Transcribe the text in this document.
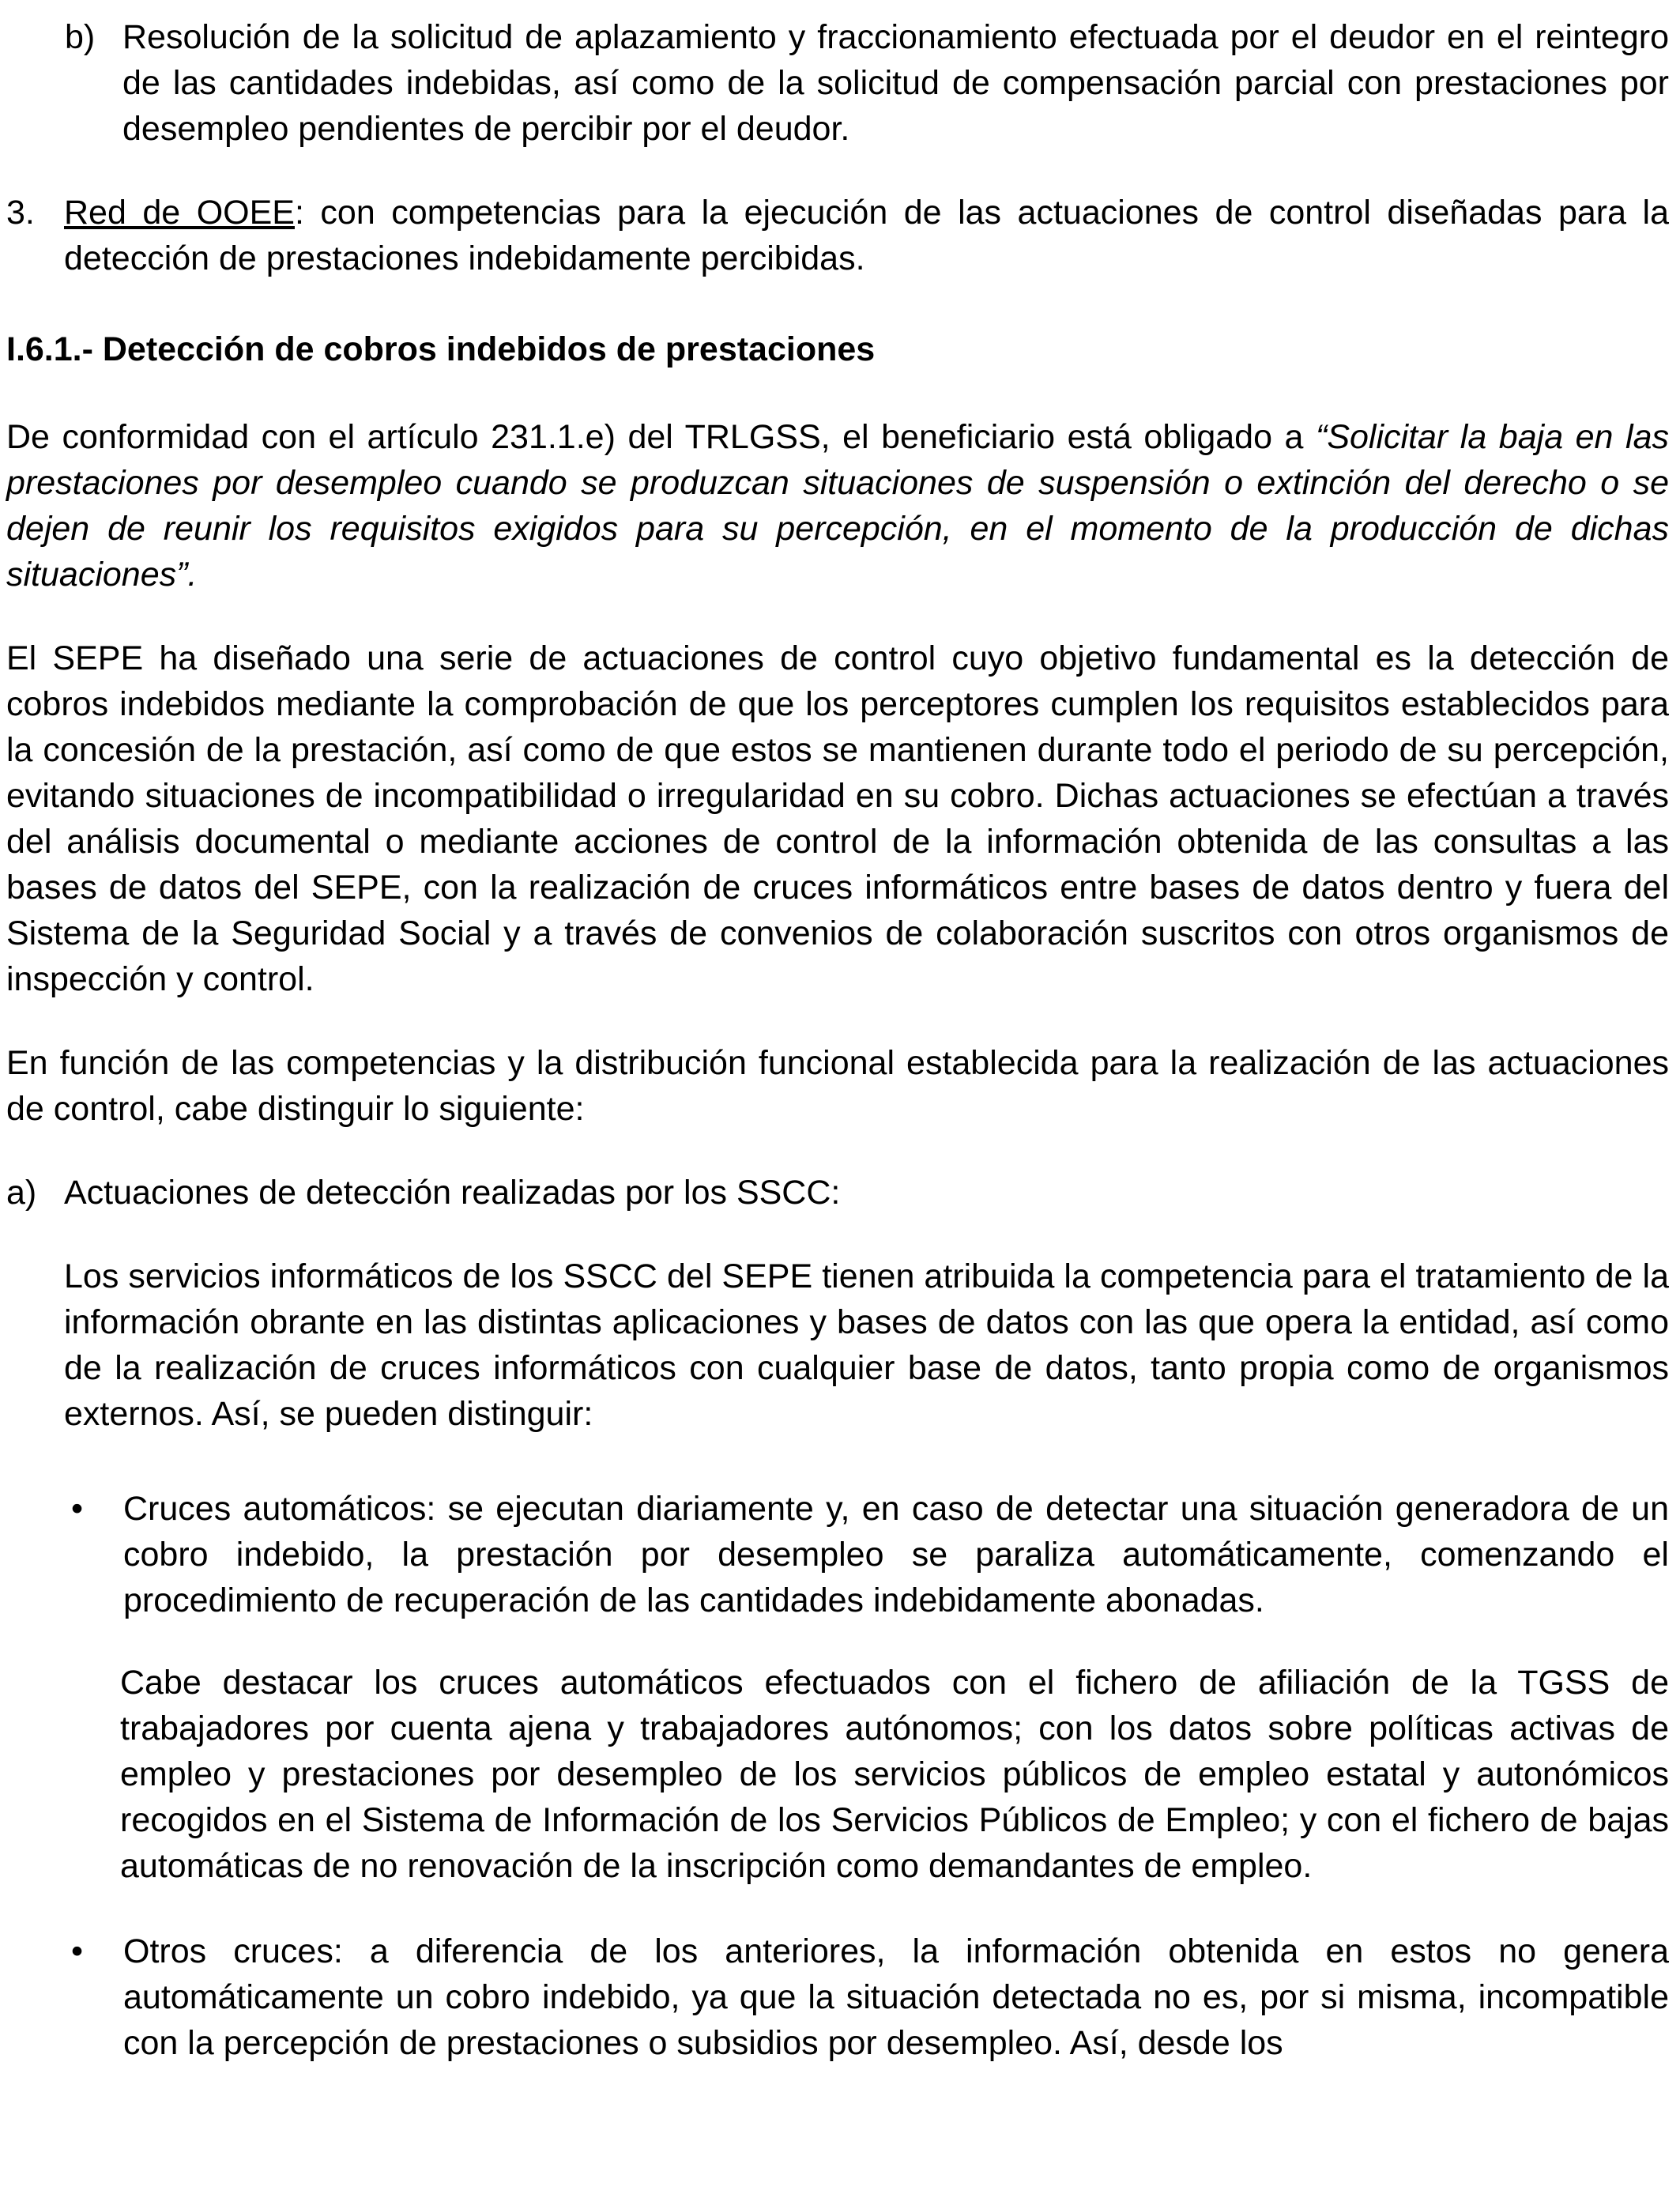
b) Resolución de la solicitud de aplazamiento y fraccionamiento efectuada por el deudor en el reintegro de las cantidades indebidas, así como de la solicitud de compensación parcial con prestaciones por desempleo pendientes de percibir por el deudor.

3. Red de OOEE: con competencias para la ejecución de las actuaciones de control diseñadas para la detección de prestaciones indebidamente percibidas.

I.6.1.- Detección de cobros indebidos de prestaciones

De conformidad con el artículo 231.1.e) del TRLGSS, el beneficiario está obligado a “Solicitar la baja en las prestaciones por desempleo cuando se produzcan situaciones de suspensión o extinción del derecho o se dejen de reunir los requisitos exigidos para su percepción, en el momento de la producción de dichas situaciones”.

El SEPE ha diseñado una serie de actuaciones de control cuyo objetivo fundamental es la detección de cobros indebidos mediante la comprobación de que los perceptores cumplen los requisitos establecidos para la concesión de la prestación, así como de que estos se mantienen durante todo el periodo de su percepción, evitando situaciones de incompatibilidad o irregularidad en su cobro. Dichas actuaciones se efectúan a través del análisis documental o mediante acciones de control de la información obtenida de las consultas a las bases de datos del SEPE, con la realización de cruces informáticos entre bases de datos dentro y fuera del Sistema de la Seguridad Social y a través de convenios de colaboración suscritos con otros organismos de inspección y control.

En función de las competencias y la distribución funcional establecida para la realización de las actuaciones de control, cabe distinguir lo siguiente:

a) Actuaciones de detección realizadas por los SSCC:

Los servicios informáticos de los SSCC del SEPE tienen atribuida la competencia para el tratamiento de la información obrante en las distintas aplicaciones y bases de datos con las que opera la entidad, así como de la realización de cruces informáticos con cualquier base de datos, tanto propia como de organismos externos. Así, se pueden distinguir:

• Cruces automáticos: se ejecutan diariamente y, en caso de detectar una situación generadora de un cobro indebido, la prestación por desempleo se paraliza automáticamente, comenzando el procedimiento de recuperación de las cantidades indebidamente abonadas.

Cabe destacar los cruces automáticos efectuados con el fichero de afiliación de la TGSS de trabajadores por cuenta ajena y trabajadores autónomos; con los datos sobre políticas activas de empleo y prestaciones por desempleo de los servicios públicos de empleo estatal y autonómicos recogidos en el Sistema de Información de los Servicios Públicos de Empleo; y con el fichero de bajas automáticas de no renovación de la inscripción como demandantes de empleo.

• Otros cruces: a diferencia de los anteriores, la información obtenida en estos no genera automáticamente un cobro indebido, ya que la situación detectada no es, por si misma, incompatible con la percepción de prestaciones o subsidios por desempleo. Así, desde los
